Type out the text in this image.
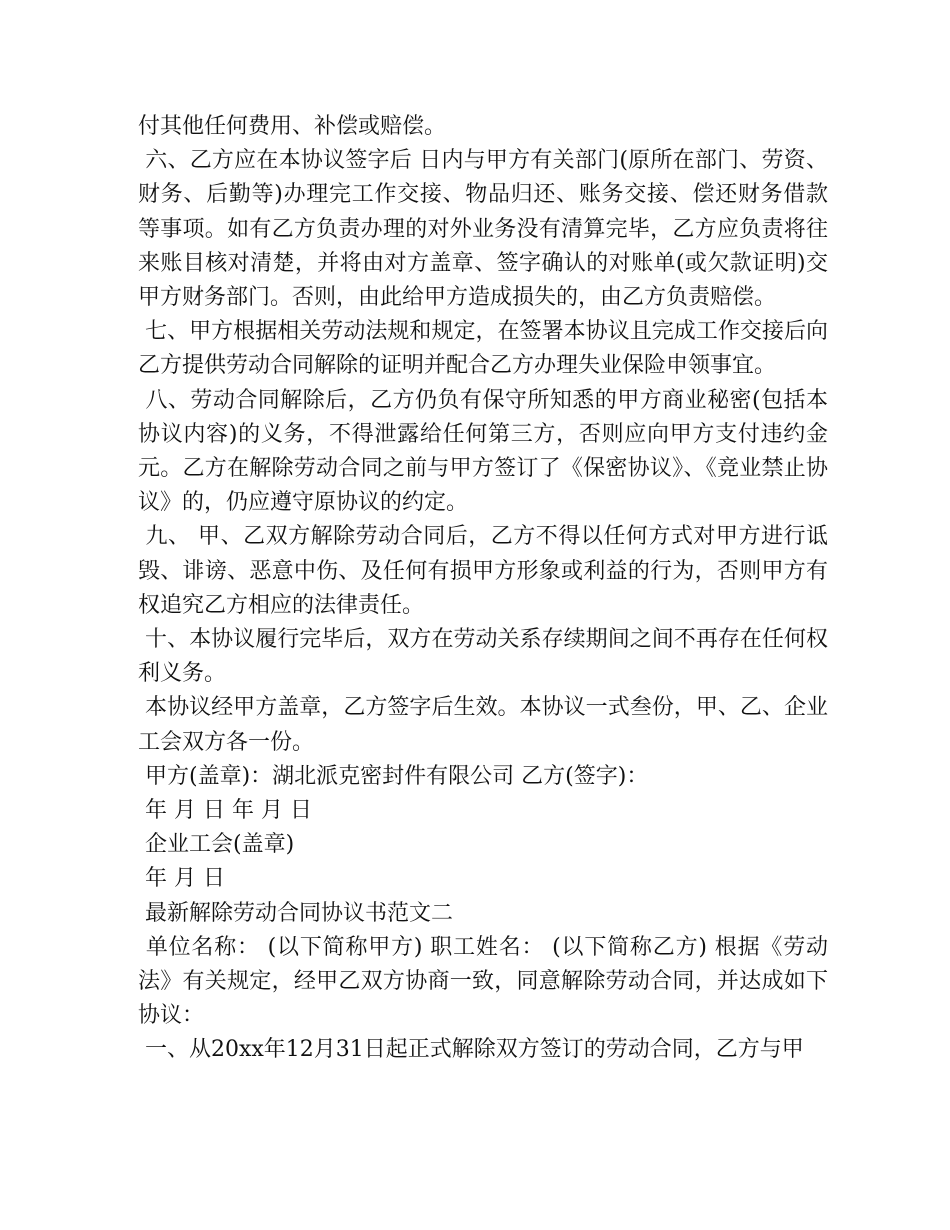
付其他任何费用、补偿或赔偿。

六、乙方应在本协议签字后 日内与甲方有关部门(原所在部门、劳资、财务、后勤等)办理完工作交接、物品归还、账务交接、偿还财务借款等事项。如有乙方负责办理的对外业务没有清算完毕，乙方应负责将往来账目核对清楚，并将由对方盖章、签字确认的对账单(或欠款证明)交甲方财务部门。否则，由此给甲方造成损失的，由乙方负责赔偿。

七、甲方根据相关劳动法规和规定，在签署本协议且完成工作交接后向乙方提供劳动合同解除的证明并配合乙方办理失业保险申领事宜。

八、劳动合同解除后，乙方仍负有保守所知悉的甲方商业秘密(包括本协议内容)的义务，不得泄露给任何第三方，否则应向甲方支付违约金 元。乙方在解除劳动合同之前与甲方签订了《保密协议》、《竞业禁止协议》的，仍应遵守原协议的约定。

九、 甲、乙双方解除劳动合同后，乙方不得以任何方式对甲方进行诋毁、诽谤、恶意中伤、及任何有损甲方形象或利益的行为，否则甲方有权追究乙方相应的法律责任。

十、本协议履行完毕后，双方在劳动关系存续期间之间不再存在任何权利义务。

本协议经甲方盖章，乙方签字后生效。本协议一式叁份，甲、乙、企业工会双方各一份。

甲方(盖章)：湖北派克密封件有限公司 乙方(签字)：

年 月 日 年 月 日

企业工会(盖章)

年 月 日

最新解除劳动合同协议书范文二

单位名称： (以下简称甲方) 职工姓名： (以下简称乙方) 根据《劳动法》有关规定，经甲乙双方协商一致，同意解除劳动合同，并达成如下协议：

一、从20xx年12月31日起正式解除双方签订的劳动合同，乙方与甲
